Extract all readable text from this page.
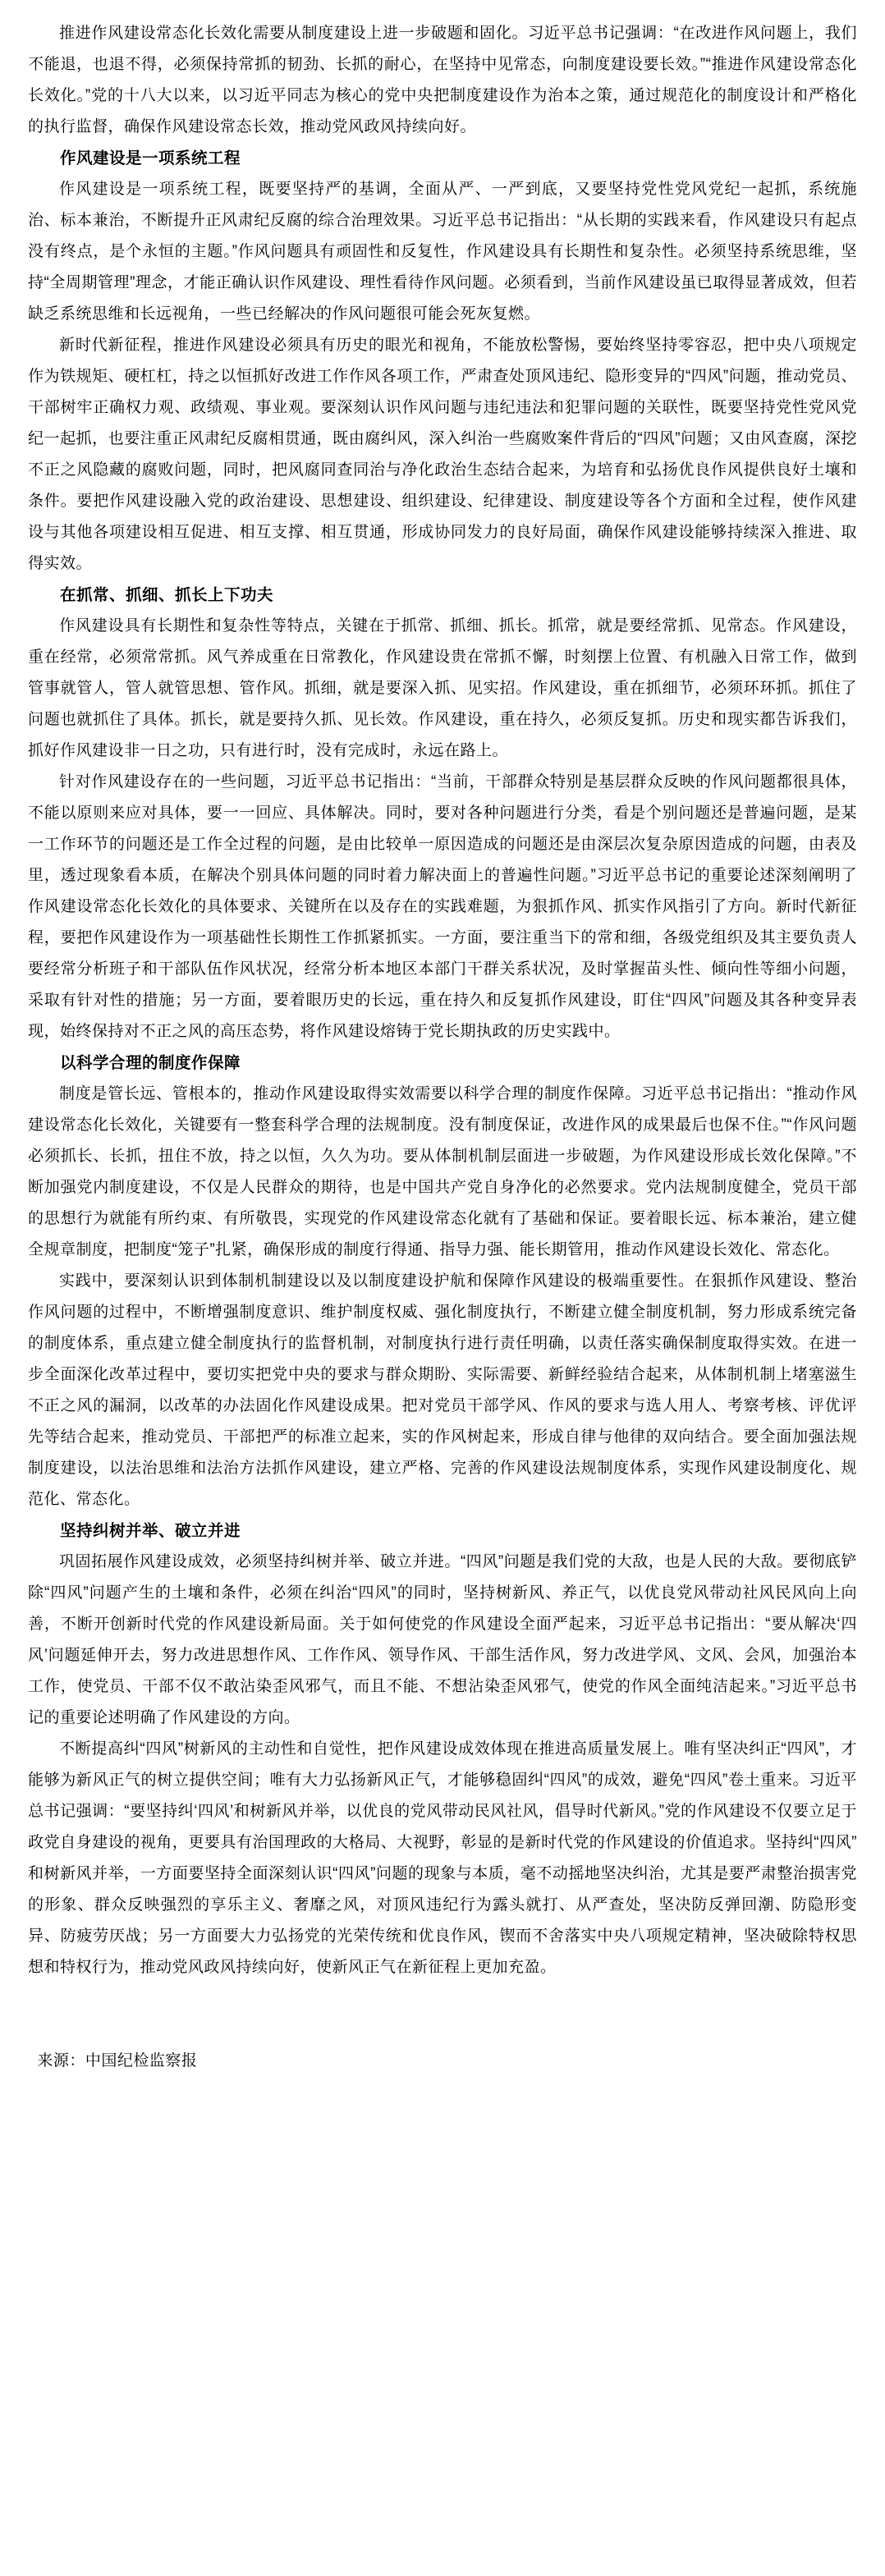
推进作风建设常态化长效化需要从制度建设上进一步破题和固化。习近平总书记强调：“在改进作风问题上，我们不能退，也退不得，必须保持常抓的韧劲、长抓的耐心，在坚持中见常态，向制度建设要长效。”“推进作风建设常态化长效化。”党的十八大以来，以习近平同志为核心的党中央把制度建设作为治本之策，通过规范化的制度设计和严格化的执行监督，确保作风建设常态长效，推动党风政风持续向好。

作风建设是一项系统工程

作风建设是一项系统工程，既要坚持严的基调，全面从严、一严到底，又要坚持党性党风党纪一起抓，系统施治、标本兼治，不断提升正风肃纪反腐的综合治理效果。习近平总书记指出：“从长期的实践来看，作风建设只有起点没有终点，是个永恒的主题。”作风问题具有顽固性和反复性，作风建设具有长期性和复杂性。必须坚持系统思维，坚持“全周期管理”理念，才能正确认识作风建设、理性看待作风问题。必须看到，当前作风建设虽已取得显著成效，但若缺乏系统思维和长远视角，一些已经解决的作风问题很可能会死灰复燃。

新时代新征程，推进作风建设必须具有历史的眼光和视角，不能放松警惕，要始终坚持零容忍，把中央八项规定作为铁规矩、硬杠杠，持之以恒抓好改进工作作风各项工作，严肃查处顶风违纪、隐形变异的“四风”问题，推动党员、干部树牢正确权力观、政绩观、事业观。要深刻认识作风问题与违纪违法和犯罪问题的关联性，既要坚持党性党风党纪一起抓，也要注重正风肃纪反腐相贯通，既由腐纠风，深入纠治一些腐败案件背后的“四风”问题；又由风查腐，深挖不正之风隐藏的腐败问题，同时，把风腐同查同治与净化政治生态结合起来，为培育和弘扬优良作风提供良好土壤和条件。要把作风建设融入党的政治建设、思想建设、组织建设、纪律建设、制度建设等各个方面和全过程，使作风建设与其他各项建设相互促进、相互支撑、相互贯通，形成协同发力的良好局面，确保作风建设能够持续深入推进、取得实效。

在抓常、抓细、抓长上下功夫

作风建设具有长期性和复杂性等特点，关键在于抓常、抓细、抓长。抓常，就是要经常抓、见常态。作风建设，重在经常，必须常常抓。风气养成重在日常教化，作风建设贵在常抓不懈，时刻摆上位置、有机融入日常工作，做到管事就管人，管人就管思想、管作风。抓细，就是要深入抓、见实招。作风建设，重在抓细节，必须环环抓。抓住了问题也就抓住了具体。抓长，就是要持久抓、见长效。作风建设，重在持久，必须反复抓。历史和现实都告诉我们，抓好作风建设非一日之功，只有进行时，没有完成时，永远在路上。

针对作风建设存在的一些问题，习近平总书记指出：“当前，干部群众特别是基层群众反映的作风问题都很具体，不能以原则来应对具体，要一一回应、具体解决。同时，要对各种问题进行分类，看是个别问题还是普遍问题，是某一工作环节的问题还是工作全过程的问题，是由比较单一原因造成的问题还是由深层次复杂原因造成的问题，由表及里，透过现象看本质，在解决个别具体问题的同时着力解决面上的普遍性问题。”习近平总书记的重要论述深刻阐明了作风建设常态化长效化的具体要求、关键所在以及存在的实践难题，为狠抓作风、抓实作风指引了方向。新时代新征程，要把作风建设作为一项基础性长期性工作抓紧抓实。一方面，要注重当下的常和细，各级党组织及其主要负责人要经常分析班子和干部队伍作风状况，经常分析本地区本部门干群关系状况，及时掌握苗头性、倾向性等细小问题，采取有针对性的措施；另一方面，要着眼历史的长远，重在持久和反复抓作风建设，盯住“四风”问题及其各种变异表现，始终保持对不正之风的高压态势，将作风建设熔铸于党长期执政的历史实践中。

以科学合理的制度作保障

制度是管长远、管根本的，推动作风建设取得实效需要以科学合理的制度作保障。习近平总书记指出：“推动作风建设常态化长效化，关键要有一整套科学合理的法规制度。没有制度保证，改进作风的成果最后也保不住。”“作风问题必须抓长、长抓，扭住不放，持之以恒，久久为功。要从体制机制层面进一步破题，为作风建设形成长效化保障。”不断加强党内制度建设，不仅是人民群众的期待，也是中国共产党自身净化的必然要求。党内法规制度健全，党员干部的思想行为就能有所约束、有所敬畏，实现党的作风建设常态化就有了基础和保证。要着眼长远、标本兼治，建立健全规章制度，把制度“笼子”扎紧，确保形成的制度行得通、指导力强、能长期管用，推动作风建设长效化、常态化。

实践中，要深刻认识到体制机制建设以及以制度建设护航和保障作风建设的极端重要性。在狠抓作风建设、整治作风问题的过程中，不断增强制度意识、维护制度权威、强化制度执行，不断建立健全制度机制，努力形成系统完备的制度体系，重点建立健全制度执行的监督机制，对制度执行进行责任明确，以责任落实确保制度取得实效。在进一步全面深化改革过程中，要切实把党中央的要求与群众期盼、实际需要、新鲜经验结合起来，从体制机制上堵塞滋生不正之风的漏洞，以改革的办法固化作风建设成果。把对党员干部学风、作风的要求与选人用人、考察考核、评优评先等结合起来，推动党员、干部把严的标准立起来，实的作风树起来，形成自律与他律的双向结合。要全面加强法规制度建设，以法治思维和法治方法抓作风建设，建立严格、完善的作风建设法规制度体系，实现作风建设制度化、规范化、常态化。

坚持纠树并举、破立并进

巩固拓展作风建设成效，必须坚持纠树并举、破立并进。“四风”问题是我们党的大敌，也是人民的大敌。要彻底铲除“四风”问题产生的土壤和条件，必须在纠治“四风”的同时，坚持树新风、养正气，以优良党风带动社风民风向上向善，不断开创新时代党的作风建设新局面。关于如何使党的作风建设全面严起来，习近平总书记指出：“要从解决‘四风’问题延伸开去，努力改进思想作风、工作作风、领导作风、干部生活作风，努力改进学风、文风、会风，加强治本工作，使党员、干部不仅不敢沾染歪风邪气，而且不能、不想沾染歪风邪气，使党的作风全面纯洁起来。”习近平总书记的重要论述明确了作风建设的方向。

不断提高纠“四风”树新风的主动性和自觉性，把作风建设成效体现在推进高质量发展上。唯有坚决纠正“四风”，才能够为新风正气的树立提供空间；唯有大力弘扬新风正气，才能够稳固纠“四风”的成效，避免“四风”卷土重来。习近平总书记强调：“要坚持纠‘四风’和树新风并举，以优良的党风带动民风社风，倡导时代新风。”党的作风建设不仅要立足于政党自身建设的视角，更要具有治国理政的大格局、大视野，彰显的是新时代党的作风建设的价值追求。坚持纠“四风”和树新风并举，一方面要坚持全面深刻认识“四风”问题的现象与本质，毫不动摇地坚决纠治，尤其是要严肃整治损害党的形象、群众反映强烈的享乐主义、奢靡之风，对顶风违纪行为露头就打、从严查处，坚决防反弹回潮、防隐形变异、防疲劳厌战；另一方面要大力弘扬党的光荣传统和优良作风，锲而不舍落实中央八项规定精神，坚决破除特权思想和特权行为，推动党风政风持续向好，使新风正气在新征程上更加充盈。

来源：中国纪检监察报
